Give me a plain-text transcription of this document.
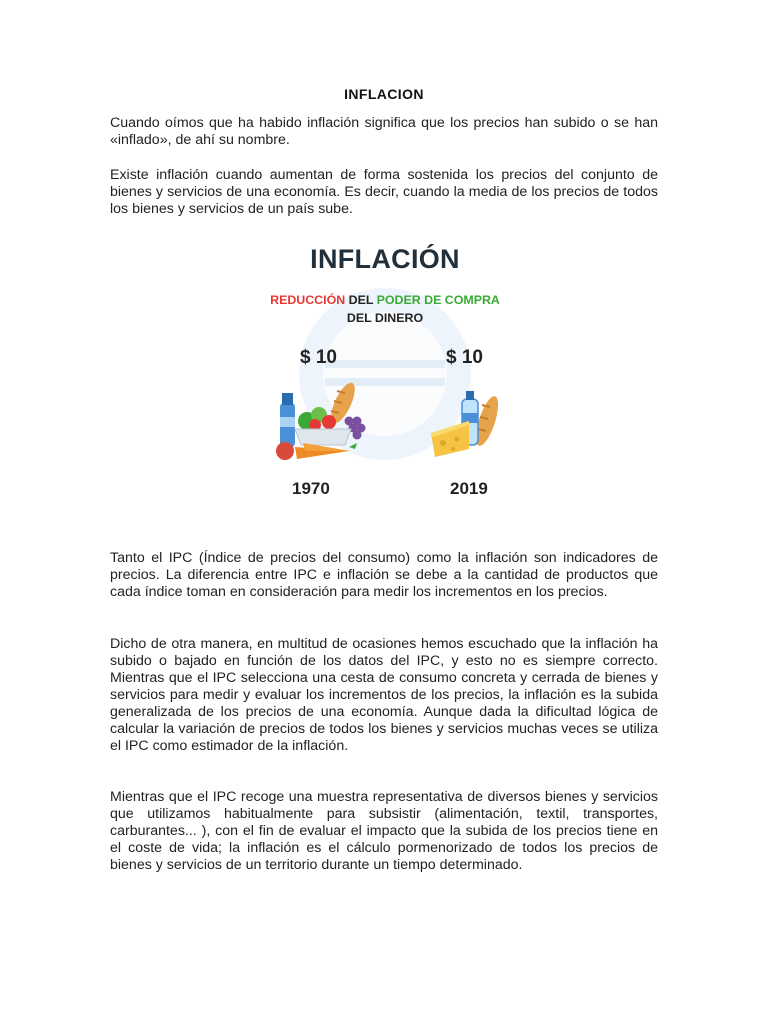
INFLACION

Cuando oímos que ha habido inflación significa que los precios han subido o se han «inflado», de ahí su nombre.

Existe inflación cuando aumentan de forma sostenida los precios del conjunto de bienes y servicios de una economía. Es decir, cuando la media de los precios de todos los bienes y servicios de un país sube.

INFLACIÓN
REDUCCIÓN DEL PODER DE COMPRA
DEL DINERO
$ 10	$ 10
1970	2019

Tanto el IPC (Índice de precios del consumo) como la inflación son indicadores de precios. La diferencia entre IPC e inflación se debe a la cantidad de productos que cada índice toman en consideración para medir los incrementos en los precios.

Dicho de otra manera, en multitud de ocasiones hemos escuchado que la inflación ha subido o bajado en función de los datos del IPC, y esto no es siempre correcto. Mientras que el IPC selecciona una cesta de consumo concreta y cerrada de bienes y servicios para medir y evaluar los incrementos de los precios, la inflación es la subida generalizada de los precios de una economía. Aunque dada la dificultad lógica de calcular la variación de precios de todos los bienes y servicios muchas veces se utiliza el IPC como estimador de la inflación.

Mientras que el IPC recoge una muestra representativa de diversos bienes y servicios que utilizamos habitualmente para subsistir (alimentación, textil, transportes, carburantes... ), con el fin de evaluar el impacto que la subida de los precios tiene en el coste de vida; la inflación es el cálculo pormenorizado de todos los precios de bienes y servicios de un territorio durante un tiempo determinado.
